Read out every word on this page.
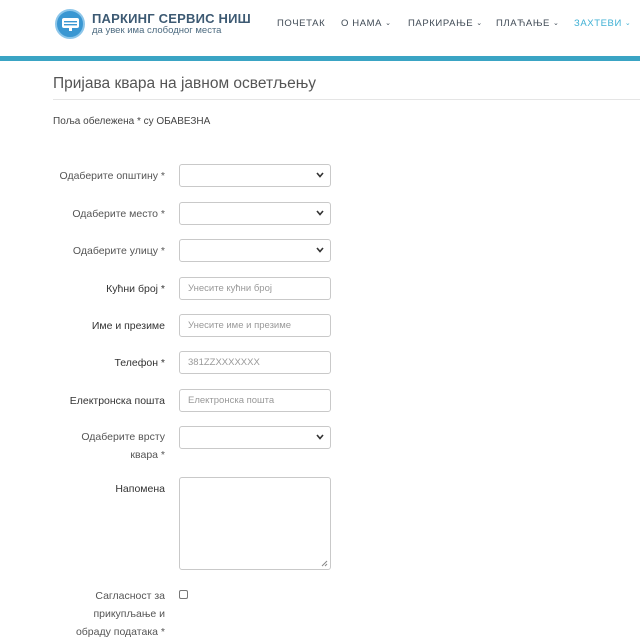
ПАРКИНГ СЕРВИС НИШ
да увек има слободног места
ПОЧЕТАК О НАМА ⌄ ПАРКИРАЊЕ ⌄ ПЛАЋАЊЕ ⌄ ЗАХТЕВИ ⌄
Пријава квара на јавном осветљењу
Поља обележена * су ОБАВЕЗНА
Одаберите општину *
Одаберите место *
Одаберите улицу *
Кућни број *
Унесите кућни број
Име и презиме
Унесите име и презиме
Телефон *
381ZZXXXXXXX
Електронска пошта
Електронска пошта
Одаберите врсту квара *
Напомена
Сагласност за прикупљање и обраду података *
